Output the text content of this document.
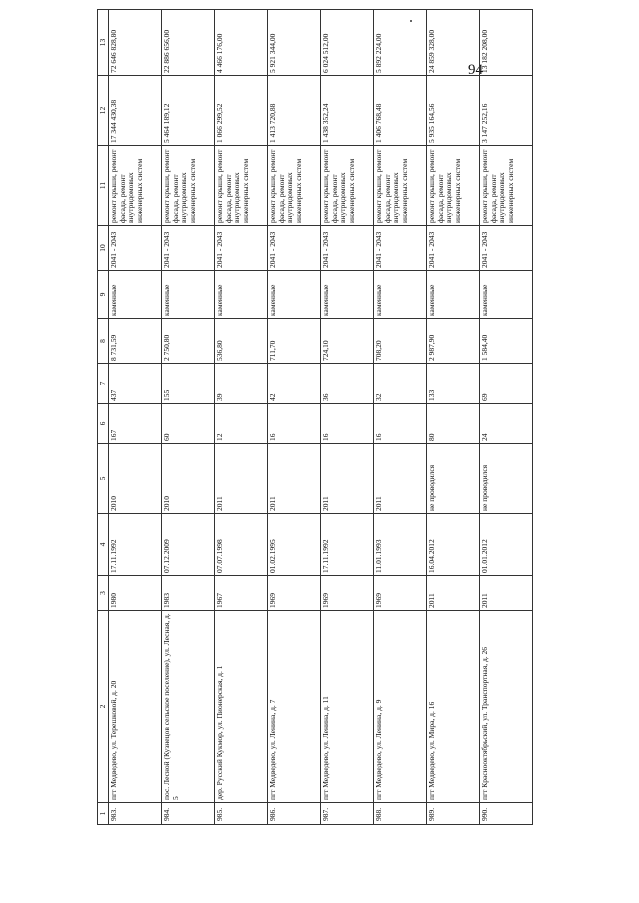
94
1	2	3	4	5	6	7	8	9	10	11	12	13
983.	пгт Медведево, ул. Терешковой, д. 20	1980	17.11.1992	2010	167	437	8 731,59	каменные	2041 - 2043	ремонт крыши, ремонт фасада, ремонт внутридомовых инженерных систем	17 344 430,38	72 646 828,80
984.	пос. Лесной (Кузнецов сельское поселение), ул. Лесная, д. 5	1983	07.12.2009	2010	60	155	2 750,80	каменные	2041 - 2043	ремонт крыши, ремонт фасада, ремонт внутридомовых инженерных систем	5 464 189,12	22 886 656,00
985.	дер. Русский Кукмор, ул. Пионерская, д. 1	1967	07.07.1998	2011	12	39	536,80	каменные	2041 - 2043	ремонт крыши, ремонт фасада, ремонт внутридомовых инженерных систем	1 066 299,52	4 466 176,00
986.	пгт Медведево, ул. Ленина, д. 7	1969	01.02.1995	2011	16	42	711,70	каменные	2041 - 2043	ремонт крыши, ремонт фасада, ремонт внутридомовых инженерных систем	1 413 720,88	5 921 344,00
987.	пгт Медведево, ул. Ленина, д. 11	1969	17.11.1992	2011	16	36	724,10	каменные	2041 - 2043	ремонт крыши, ремонт фасада, ремонт внутридомовых инженерных систем	1 438 352,24	6 024 512,00
988.	пгт Медведево, ул. Ленина, д. 9	1969	11.01.1993	2011	16	32	708,20	каменные	2041 - 2043	ремонт крыши, ремонт фасада, ремонт внутридомовых инженерных систем	1 406 768,48	5 892 224,00
989.	пгт Медведево, ул. Мира, д. 16	2011	16.04.2012	не проводился	80	133	2 987,90	каменные	2041 - 2043	ремонт крыши, ремонт фасада, ремонт внутридомовых инженерных систем	5 935 164,56	24 859 328,00
990.	пгт Краснооктябрьский, ул. Транспортная, д. 26	2011	01.01.2012	не проводился	24	69	1 584,40	каменные	2041 - 2043	ремонт крыши, ремонт фасада, ремонт внутридомовых инженерных систем	3 147 252,16	13 182 208,00
